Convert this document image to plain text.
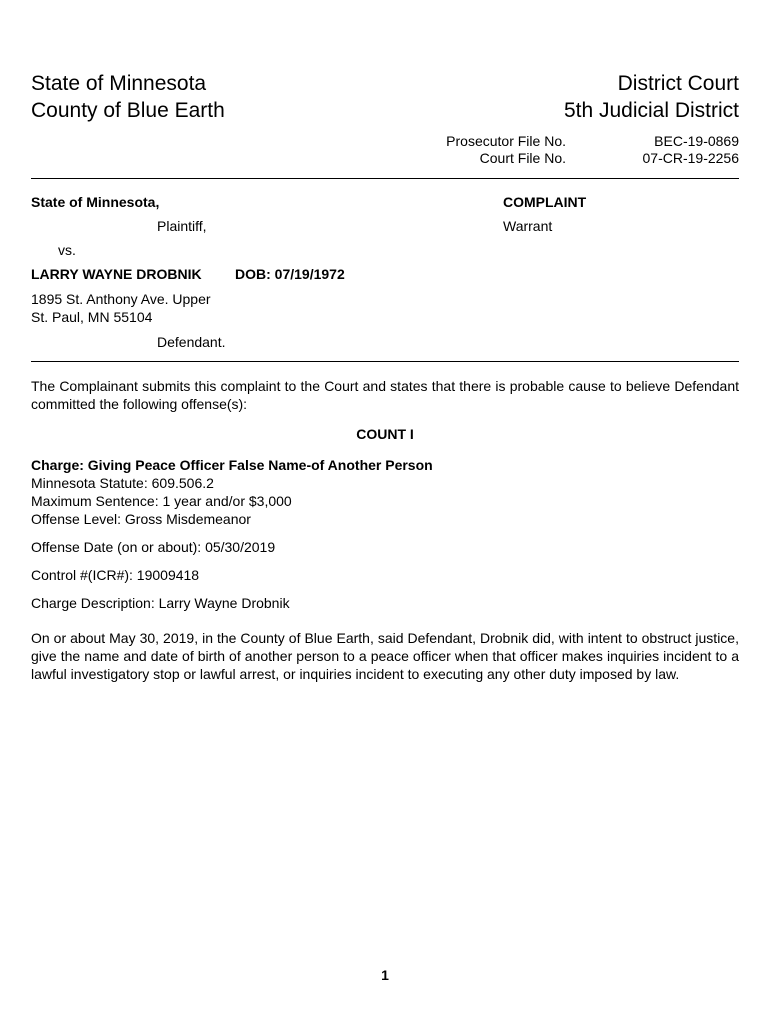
State of Minnesota
County of Blue Earth
District Court
5th Judicial District
Prosecutor File No.	BEC-19-0869
Court File No.	07-CR-19-2256
State of Minnesota,
Plaintiff,
vs.
LARRY WAYNE DROBNIK DOB: 07/19/1972
1895 St. Anthony Ave. Upper
St. Paul, MN 55104
Defendant.
COMPLAINT
Warrant
The Complainant submits this complaint to the Court and states that there is probable cause to believe Defendant committed the following offense(s):
COUNT I
Charge: Giving Peace Officer False Name-of Another Person
Minnesota Statute: 609.506.2
Maximum Sentence: 1 year and/or $3,000
Offense Level: Gross Misdemeanor
Offense Date (on or about): 05/30/2019
Control #(ICR#): 19009418
Charge Description: Larry Wayne Drobnik
On or about May 30, 2019, in the County of Blue Earth, said Defendant, Drobnik did, with intent to obstruct justice, give the name and date of birth of another person to a peace officer when that officer makes inquiries incident to a lawful investigatory stop or lawful arrest, or inquiries incident to executing any other duty imposed by law.
1
